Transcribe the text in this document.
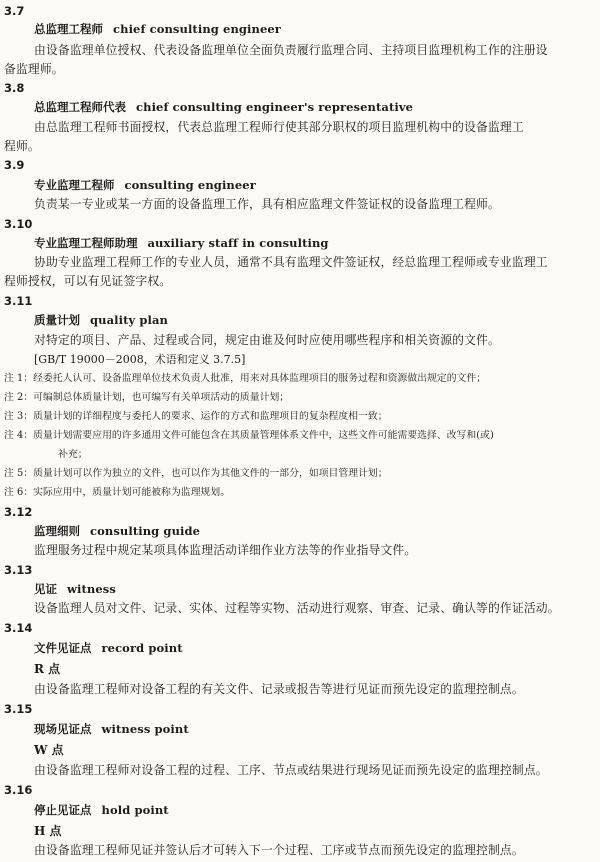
3.7
总监理工程师 chief consulting engineer
由设备监理单位授权、代表设备监理单位全面负责履行监理合同、主持项目监理机构工作的注册设
备监理师。
3.8
总监理工程师代表 chief consulting engineer's representative
由总监理工程师书面授权，代表总监理工程师行使其部分职权的项目监理机构中的设备监理工
程师。
3.9
专业监理工程师 consulting engineer
负责某一专业或某一方面的设备监理工作，具有相应监理文件签证权的设备监理工程师。
3.10
专业监理工程师助理 auxiliary staff in consulting
协助专业监理工程师工作的专业人员，通常不具有监理文件签证权，经总监理工程师或专业监理工
程师授权，可以有见证签字权。
3.11
质量计划 quality plan
对特定的项目、产品、过程或合同，规定由谁及何时应使用哪些程序和相关资源的文件。
[GB/T 19000－2008，术语和定义 3.7.5]
注 1：经委托人认可、设备监理单位技术负责人批准，用来对具体监理项目的服务过程和资源做出规定的文件；
注 2：可编制总体质量计划，也可编写有关单项活动的质量计划；
注 3：质量计划的详细程度与委托人的要求、运作的方式和监理项目的复杂程度相一致；
注 4：质量计划需要应用的许多通用文件可能包含在其质量管理体系文件中，这些文件可能需要选择、改写和(或)
补充；
注 5：质量计划可以作为独立的文件，也可以作为其他文件的一部分，如项目管理计划；
注 6：实际应用中，质量计划可能被称为监理规划。
3.12
监理细则 consulting guide
监理服务过程中规定某项具体监理活动详细作业方法等的作业指导文件。
3.13
见证 witness
设备监理人员对文件、记录、实体、过程等实物、活动进行观察、审查、记录、确认等的作证活动。
3.14
文件见证点 record point
R 点
由设备监理工程师对设备工程的有关文件、记录或报告等进行见证而预先设定的监理控制点。
3.15
现场见证点 witness point
W 点
由设备监理工程师对设备工程的过程、工序、节点或结果进行现场见证而预先设定的监理控制点。
3.16
停止见证点 hold point
H 点
由设备监理工程师见证并签认后才可转入下一个过程、工序或节点而预先设定的监理控制点。
